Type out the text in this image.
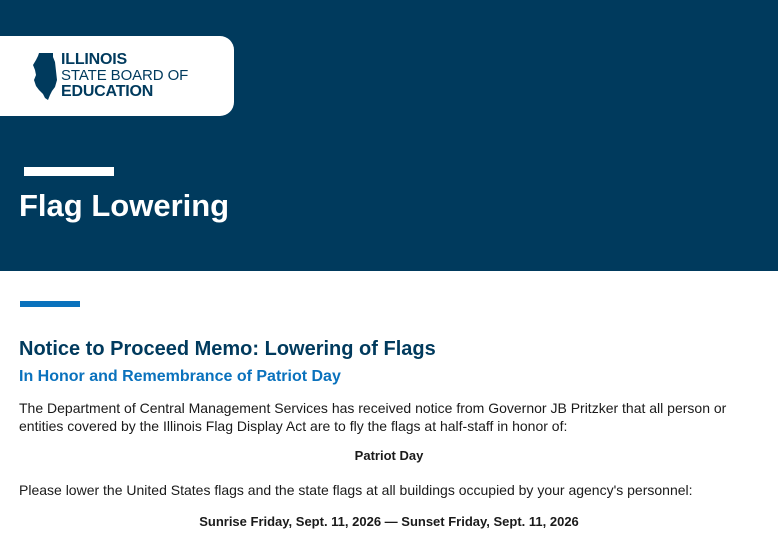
ILLINOIS
STATE BOARD OF
EDUCATION
Flag Lowering
Notice to Proceed Memo: Lowering of Flags
In Honor and Remembrance of Patriot Day

The Department of Central Management Services has received notice from Governor JB Pritzker that all person or entities covered by the Illinois Flag Display Act are to fly the flags at half-staff in honor of:

Patriot Day

Please lower the United States flags and the state flags at all buildings occupied by your agency's personnel:

Sunrise Friday, Sept. 11, 2026 — Sunset Friday, Sept. 11, 2026
